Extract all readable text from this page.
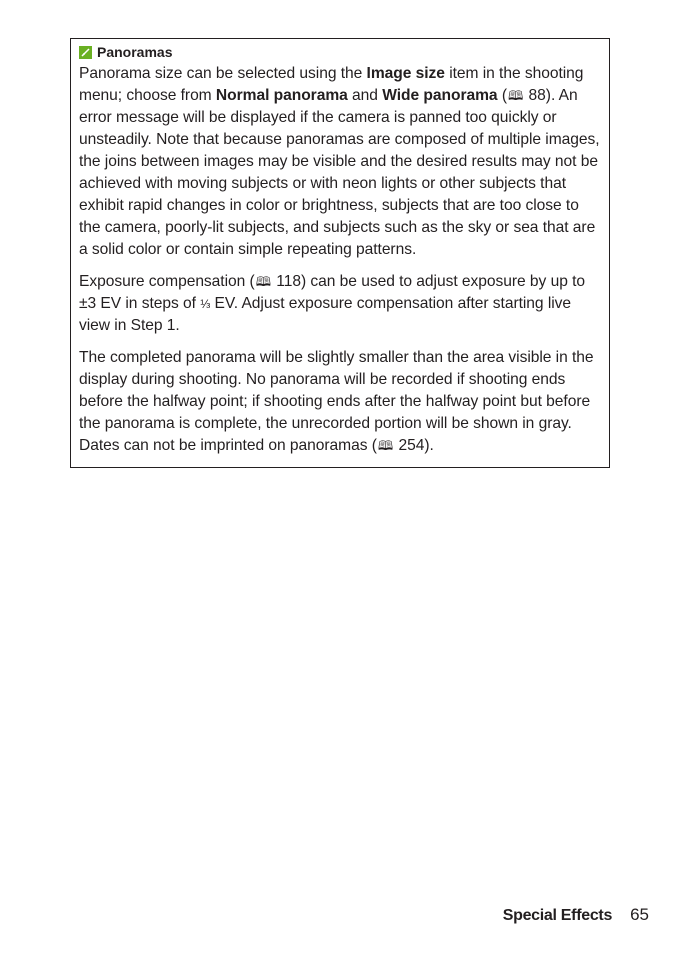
Panoramas

Panorama size can be selected using the Image size item in the shooting menu; choose from Normal panorama and Wide panorama (🕮 88). An error message will be displayed if the camera is panned too quickly or unsteadily. Note that because panoramas are composed of multiple images, the joins between images may be visible and the desired results may not be achieved with moving subjects or with neon lights or other subjects that exhibit rapid changes in color or brightness, subjects that are too close to the camera, poorly-lit subjects, and subjects such as the sky or sea that are a solid color or contain simple repeating patterns.

Exposure compensation (🕮 118) can be used to adjust exposure by up to ±3 EV in steps of ⅓ EV. Adjust exposure compensation after starting live view in Step 1.

The completed panorama will be slightly smaller than the area visible in the display during shooting. No panorama will be recorded if shooting ends before the halfway point; if shooting ends after the halfway point but before the panorama is complete, the unrecorded portion will be shown in gray. Dates can not be imprinted on panoramas (🕮 254).

Special Effects 65
